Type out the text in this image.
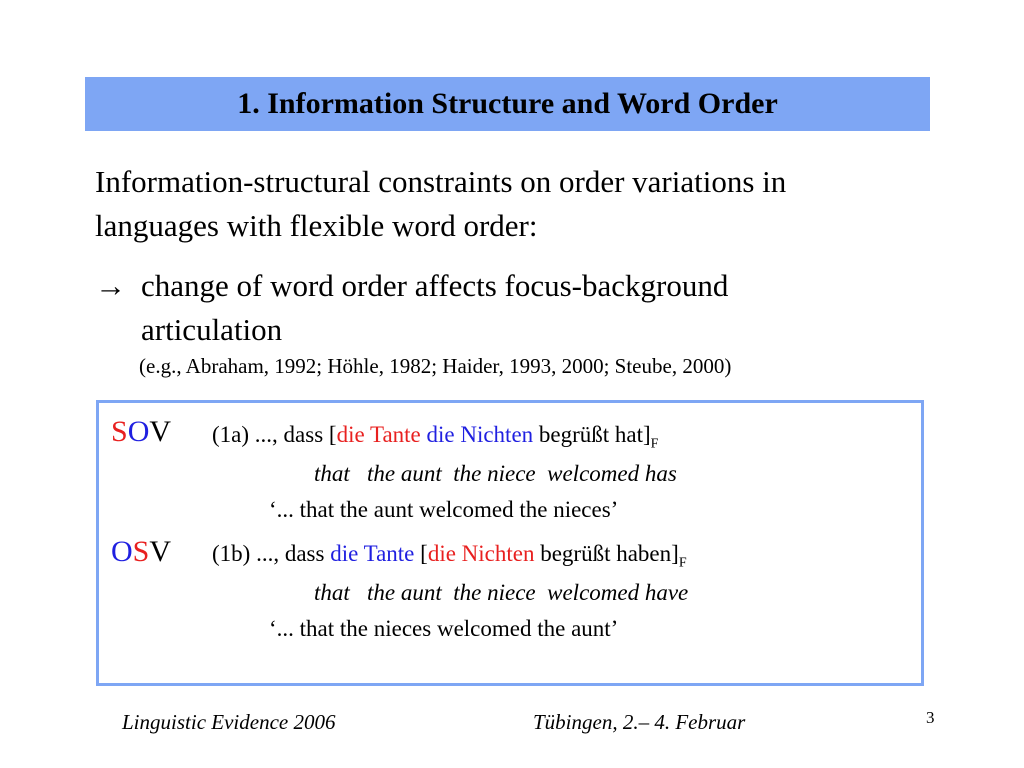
1. Information Structure and Word Order

Information-structural constraints on order variations in
languages with flexible word order:

→ change of word order affects focus-background
articulation
(e.g., Abraham, 1992; Höhle, 1982; Haider, 1993, 2000; Steube, 2000)
SOV (1a) ..., dass [die Tante die Nichten begrüßt $hat]_F$
that   the aunt  the niece  welcomed has
‘... that the aunt welcomed the nieces’
OSV (1b) ..., dass die Tante [die Nichten begrüßt $haben]_F$
that   the aunt  the niece  welcomed have
‘... that the nieces welcomed the aunt’
Linguistic Evidence 2006	Tübingen, 2.– 4. Februar	3
